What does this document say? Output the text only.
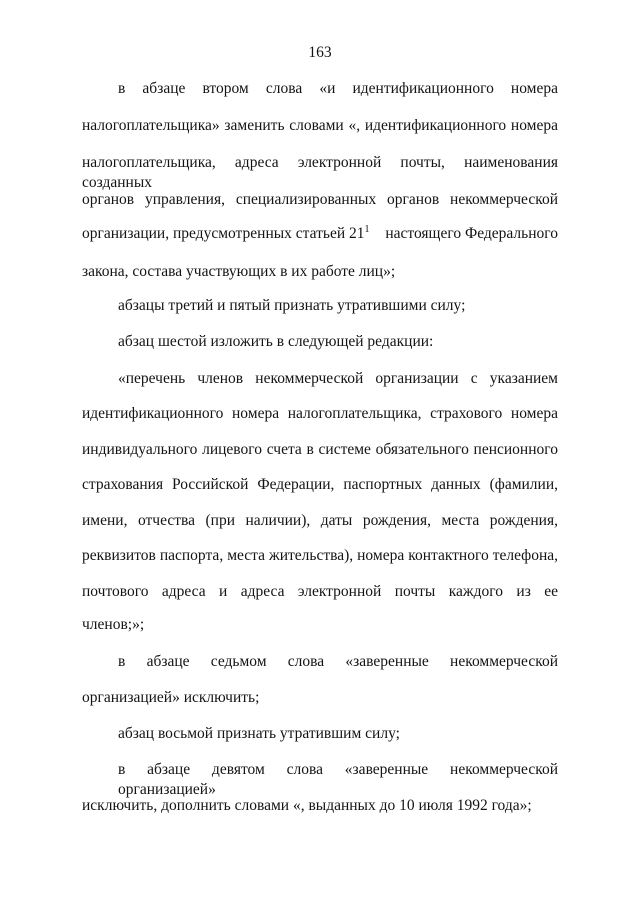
163
в абзаце втором слова «и идентификационного номера
налогоплательщика» заменить словами «, идентификационного номера
налогоплательщика, адреса электронной почты, наименования созданных
органов управления, специализированных органов некоммерческой
организации, предусмотренных статьей $21^1$ настоящего Федерального
закона, состава участвующих в их работе лиц»;
абзацы третий и пятый признать утратившими силу;
абзац шестой изложить в следующей редакции:
«перечень членов некоммерческой организации с указанием
идентификационного номера налогоплательщика, страхового номера
индивидуального лицевого счета в системе обязательного пенсионного
страхования Российской Федерации, паспортных данных (фамилии,
имени, отчества (при наличии), даты рождения, места рождения,
реквизитов паспорта, места жительства), номера контактного телефона,
почтового адреса и адреса электронной почты каждого из ее
членов;»;
в абзаце седьмом слова «заверенные некоммерческой
организацией» исключить;
абзац восьмой признать утратившим силу;
в абзаце девятом слова «заверенные некоммерческой организацией»
исключить, дополнить словами «, выданных до 10 июля 1992 года»;
